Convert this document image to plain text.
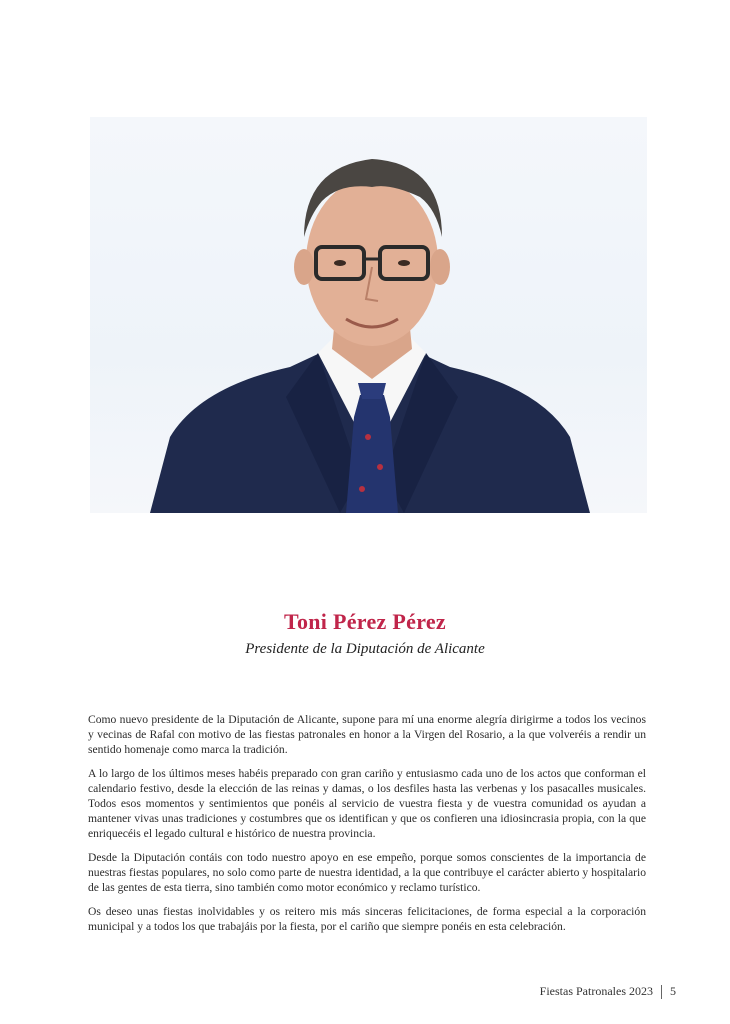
Toni Pérez Pérez
Presidente de la Diputación de Alicante

Como nuevo presidente de la Diputación de Alicante, supone para mí una enorme alegría dirigirme a todos los vecinos y vecinas de Rafal con motivo de las fiestas patronales en honor a la Virgen del Rosario, a la que volveréis a rendir un sentido homenaje como marca la tradición.

A lo largo de los últimos meses habéis preparado con gran cariño y entusiasmo cada uno de los actos que conforman el calendario festivo, desde la elección de las reinas y damas, o los desfiles hasta las verbenas y los pasacalles musicales. Todos esos momentos y sentimientos que ponéis al servicio de vuestra fiesta y de vuestra comunidad os ayudan a mantener vivas unas tradiciones y costumbres que os identifican y que os confieren una idiosincrasia propia, con la que enriquecéis el legado cultural e histórico de nuestra provincia.

Desde la Diputación contáis con todo nuestro apoyo en ese empeño, porque somos conscientes de la importancia de nuestras fiestas populares, no solo como parte de nuestra identidad, a la que contribuye el carácter abierto y hospitalario de las gentes de esta tierra, sino también como motor económico y reclamo turístico.

Os deseo unas fiestas inolvidables y os reitero mis más sinceras felicitaciones, de forma especial a la corporación municipal y a todos los que trabajáis por la fiesta, por el cariño que siempre ponéis en esta celebración.

Fiestas Patronales 2023 5
